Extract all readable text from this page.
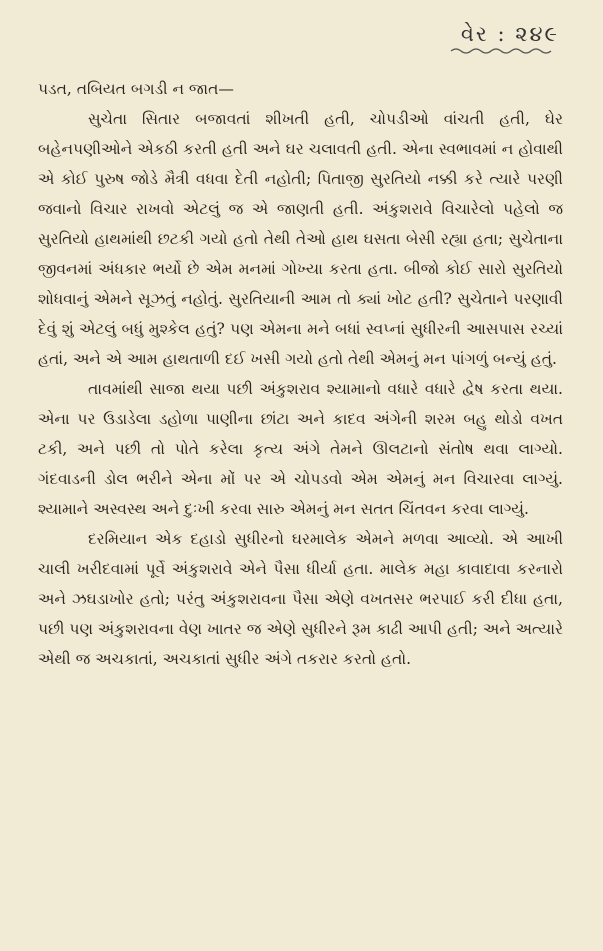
વેર : ૨૪૯

પડત, તબિયત બગડી ન જાત—

સુચેતા સિતાર બજાવતાં શીખતી હતી, ચોપડીઓ વાંચતી હતી, ઘેર બહેનપણીઓને એકઠી કરતી હતી અને ઘર ચલાવતી હતી. એના સ્વભાવમાં ન હોવાથી એ કોઈ પુરુષ જોડે મૈત્રી વધવા દેતી નહોતી; પિતાજી સુરતિયો નક્કી કરે ત્યારે પરણી જવાનો વિચાર રાખવો એટલું જ એ જાણતી હતી. અંકુશરાવે વિચારેલો પહેલો જ સુરતિયો હાથમાંથી છટકી ગયો હતો તેથી તેઓ હાથ ઘસતા બેસી રહ્યા હતા; સુચેતાના જીવનમાં અંધકાર ભર્યો છે એમ મનમાં ગોખ્યા કરતા હતા. બીજો કોઈ સારો સુરતિયો શોધવાનું એમને સૂઝતું નહોતું. સુરતિયાની આમ તો ક્યાં ખોટ હતી? સુચેતાને પરણાવી દેવું શું એટલું બધું મુશ્કેલ હતું? પણ એમના મને બધાં સ્વપ્નાં સુધીરની આસપાસ રચ્યાં હતાં, અને એ આમ હાથતાળી દઈ ખસી ગયો હતો તેથી એમનું મન પાંગળું બન્યું હતું.

તાવમાંથી સાજા થયા પછી અંકુશરાવ શ્યામાનો વધારે વધારે દ્વેષ કરતા થયા. એના પર ઉડાડેલા ડહોળા પાણીના છાંટા અને કાદવ અંગેની શરમ બહુ થોડો વખત ટકી, અને પછી તો પોતે કરેલા કૃત્ય અંગે તેમને ઊલટાનો સંતોષ થવા લાગ્યો. ગંદવાડની ડોલ ભરીને એના મોં પર એ ચોપડવો એમ એમનું મન વિચારવા લાગ્યું. શ્યામાને અસ્વસ્થ અને દુઃખી કરવા સારુ એમનું મન સતત ચિંતવન કરવા લાગ્યું.

દરમિયાન એક દહાડો સુધીરનો ઘરમાલેક એમને મળવા આવ્યો. એ આખી ચાલી ખરીદવામાં પૂર્વે અંકુશરાવે એને પૈસા ધીર્યા હતા. માલેક મહા કાવાદાવા કરનારો અને ઝઘડાખોર હતો; પરંતુ અંકુશરાવના પૈસા એણે વખતસર ભરપાઈ કરી દીધા હતા, પછી પણ અંકુશરાવના વેણ ખાતર જ એણે સુધીરને રૂમ કાઢી આપી હતી; અને અત્યારે એથી જ અચકાતાં, અચકાતાં સુધીર અંગે તકરાર કરતો હતો.
